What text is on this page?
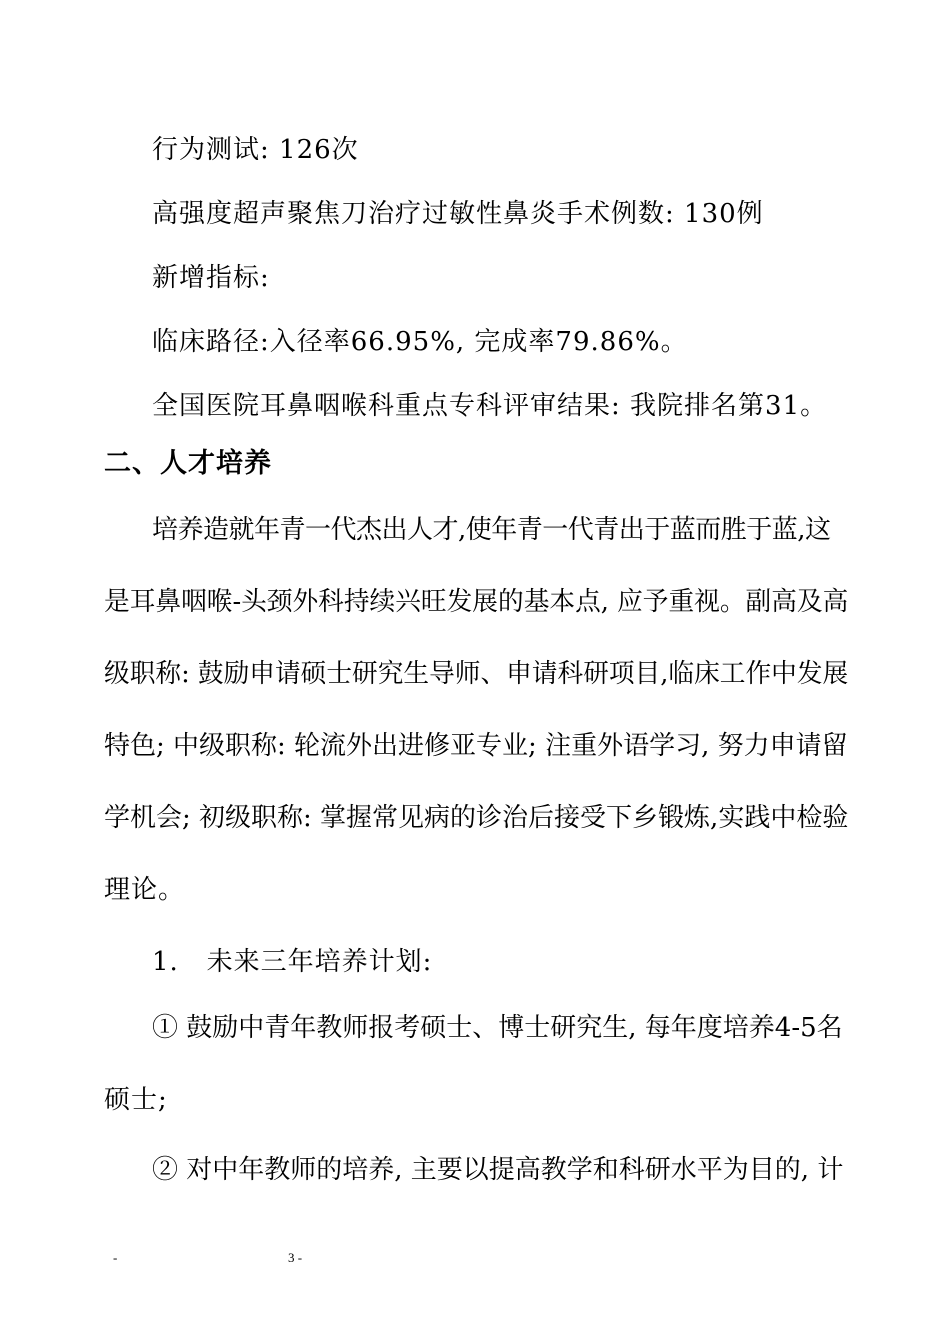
行为测试: 126次
高强度超声聚焦刀治疗过敏性鼻炎手术例数: 130例
新增指标:
临床路径:入径率66.95%, 完成率79.86%。
全国医院耳鼻咽喉科重点专科评审结果: 我院排名第31。
二、人才培养
培养造就年青一代杰出人才,使年青一代青出于蓝而胜于蓝,这
是耳鼻咽喉-头颈外科持续兴旺发展的基本点, 应予重视。副高及高
级职称: 鼓励申请硕士研究生导师、申请科研项目,临床工作中发展
特色; 中级职称: 轮流外出进修亚专业; 注重外语学习, 努力申请留
学机会; 初级职称: 掌握常见病的诊治后接受下乡锻炼,实践中检验
理论。
1.   未来三年培养计划:
① 鼓励中青年教师报考硕士、博士研究生, 每年度培养4-5名
硕士;
② 对中年教师的培养, 主要以提高教学和科研水平为目的, 计
-	3 -
